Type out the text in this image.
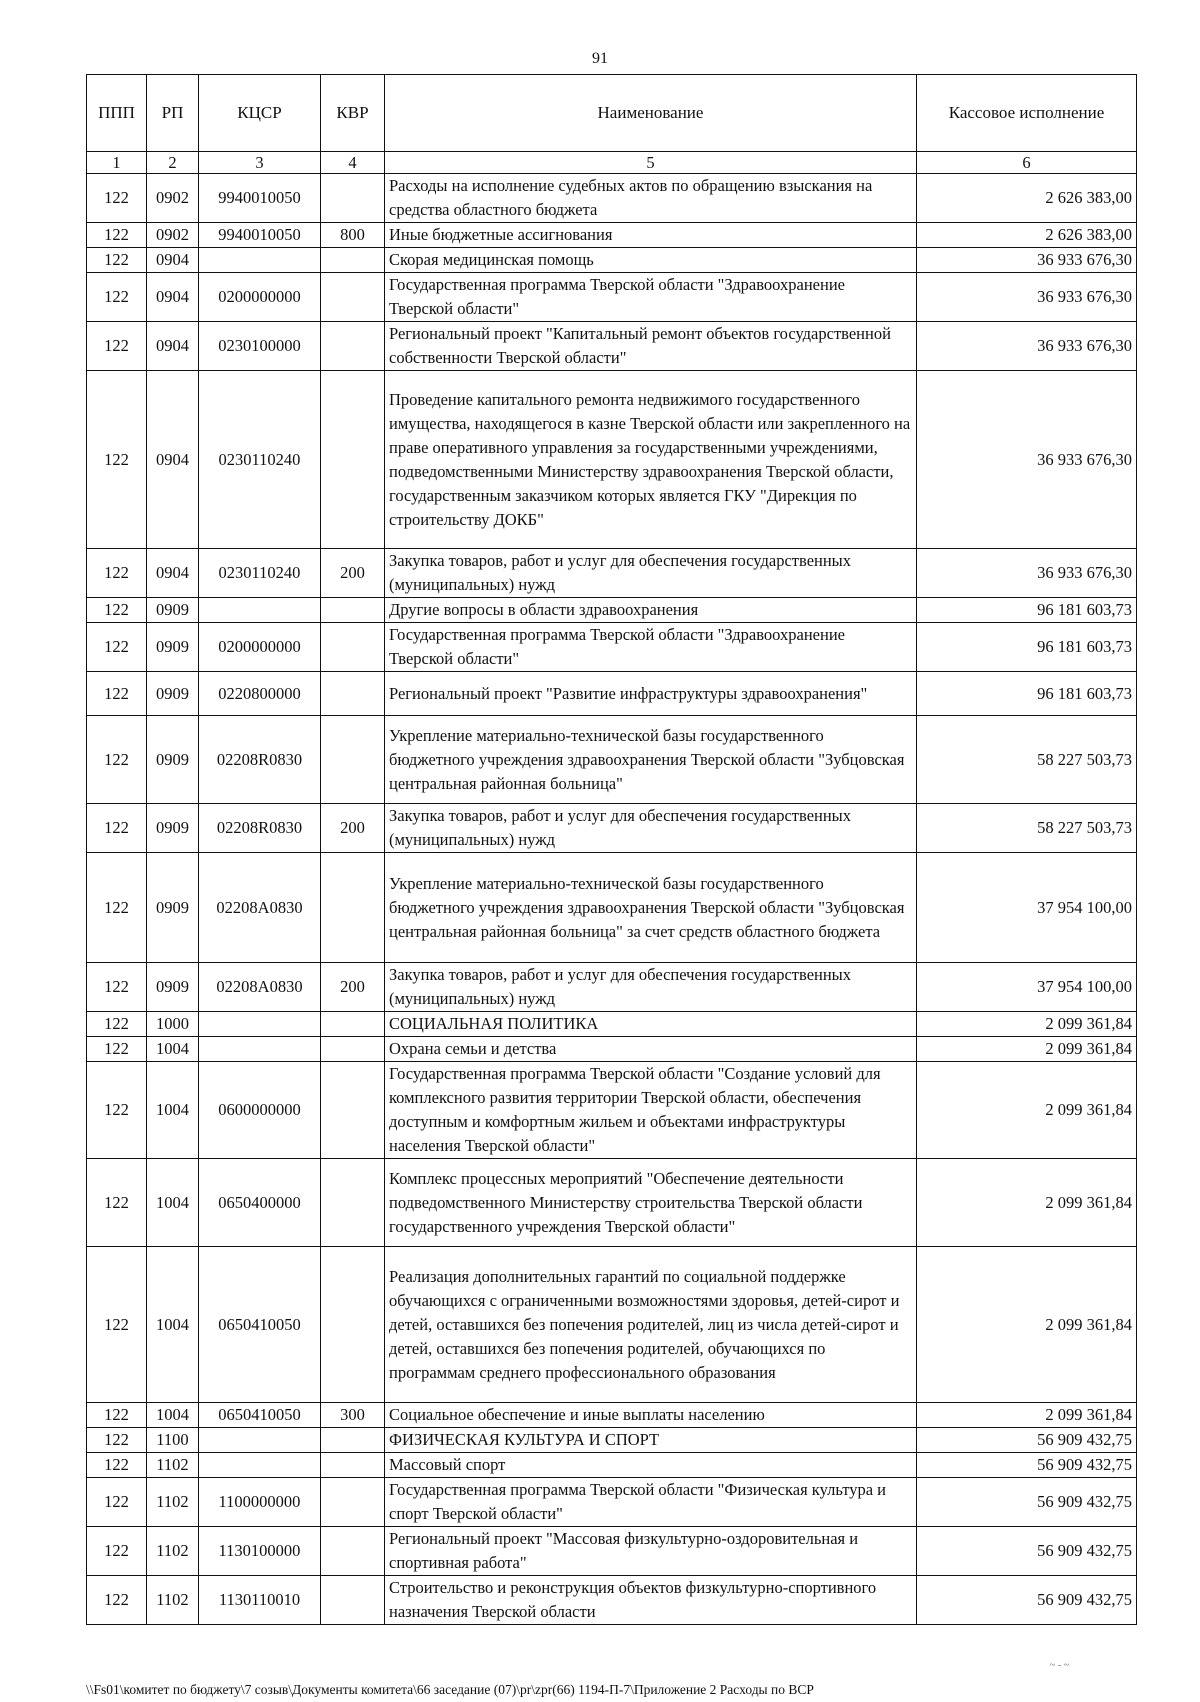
91
ППП	РП	КЦСР	КВР	Наименование	Кассовое исполнение
1	2	3	4	5	6
122	0902	9940010050		Расходы на исполнение судебных актов по обращению взыскания на средства областного бюджета	2 626 383,00
122	0902	9940010050	800	Иные бюджетные ассигнования	2 626 383,00
122	0904			Скорая медицинская помощь	36 933 676,30
122	0904	0200000000		Государственная программа Тверской области "Здравоохранение Тверской области"	36 933 676,30
122	0904	0230100000		Региональный проект "Капитальный ремонт объектов государственной собственности Тверской области"	36 933 676,30
122	0904	0230110240		Проведение капитального ремонта недвижимого государственного имущества, находящегося в казне Тверской области или закрепленного на праве оперативного управления за государственными учреждениями, подведомственными Министерству здравоохранения Тверской области, государственным заказчиком которых является ГКУ "Дирекция по строительству ДОКБ"	36 933 676,30
122	0904	0230110240	200	Закупка товаров, работ и услуг для обеспечения государственных (муниципальных) нужд	36 933 676,30
122	0909			Другие вопросы в области здравоохранения	96 181 603,73
122	0909	0200000000		Государственная программа Тверской области "Здравоохранение Тверской области"	96 181 603,73
122	0909	0220800000		Региональный проект "Развитие инфраструктуры здравоохранения"	96 181 603,73
122	0909	02208R0830		Укрепление материально-технической базы государственного бюджетного учреждения здравоохранения Тверской области "Зубцовская центральная районная больница"	58 227 503,73
122	0909	02208R0830	200	Закупка товаров, работ и услуг для обеспечения государственных (муниципальных) нужд	58 227 503,73
122	0909	02208A0830		Укрепление материально-технической базы государственного бюджетного учреждения здравоохранения Тверской области "Зубцовская центральная районная больница" за счет средств областного бюджета	37 954 100,00
122	0909	02208A0830	200	Закупка товаров, работ и услуг для обеспечения государственных (муниципальных) нужд	37 954 100,00
122	1000			СОЦИАЛЬНАЯ ПОЛИТИКА	2 099 361,84
122	1004			Охрана семьи и детства	2 099 361,84
122	1004	0600000000		Государственная программа Тверской области "Создание условий для комплексного развития территории Тверской области, обеспечения доступным и комфортным жильем и объектами инфраструктуры населения Тверской области"	2 099 361,84
122	1004	0650400000		Комплекс процессных мероприятий "Обеспечение деятельности подведомственного Министерству строительства Тверской области государственного учреждения Тверской области"	2 099 361,84
122	1004	0650410050		Реализация дополнительных гарантий по социальной поддержке обучающихся с ограниченными возможностями здоровья, детей-сирот и детей, оставшихся без попечения родителей, лиц из числа детей-сирот и детей, оставшихся без попечения родителей, обучающихся по программам среднего профессионального образования	2 099 361,84
122	1004	0650410050	300	Социальное обеспечение и иные выплаты населению	2 099 361,84
122	1100			ФИЗИЧЕСКАЯ КУЛЬТУРА И СПОРТ	56 909 432,75
122	1102			Массовый спорт	56 909 432,75
122	1102	1100000000		Государственная программа Тверской области "Физическая культура и спорт Тверской области"	56 909 432,75
122	1102	1130100000		Региональный проект "Массовая физкультурно-оздоровительная и спортивная работа"	56 909 432,75
122	1102	1130110010		Строительство и реконструкция объектов физкультурно-спортивного назначения Тверской области	56 909 432,75
\\Fs01\комитет по бюджету\7 созыв\Документы комитета\66 заседание (07)\pr\zpr(66) 1194-П-7\Приложение 2 Расходы по ВСР
~ - ~
